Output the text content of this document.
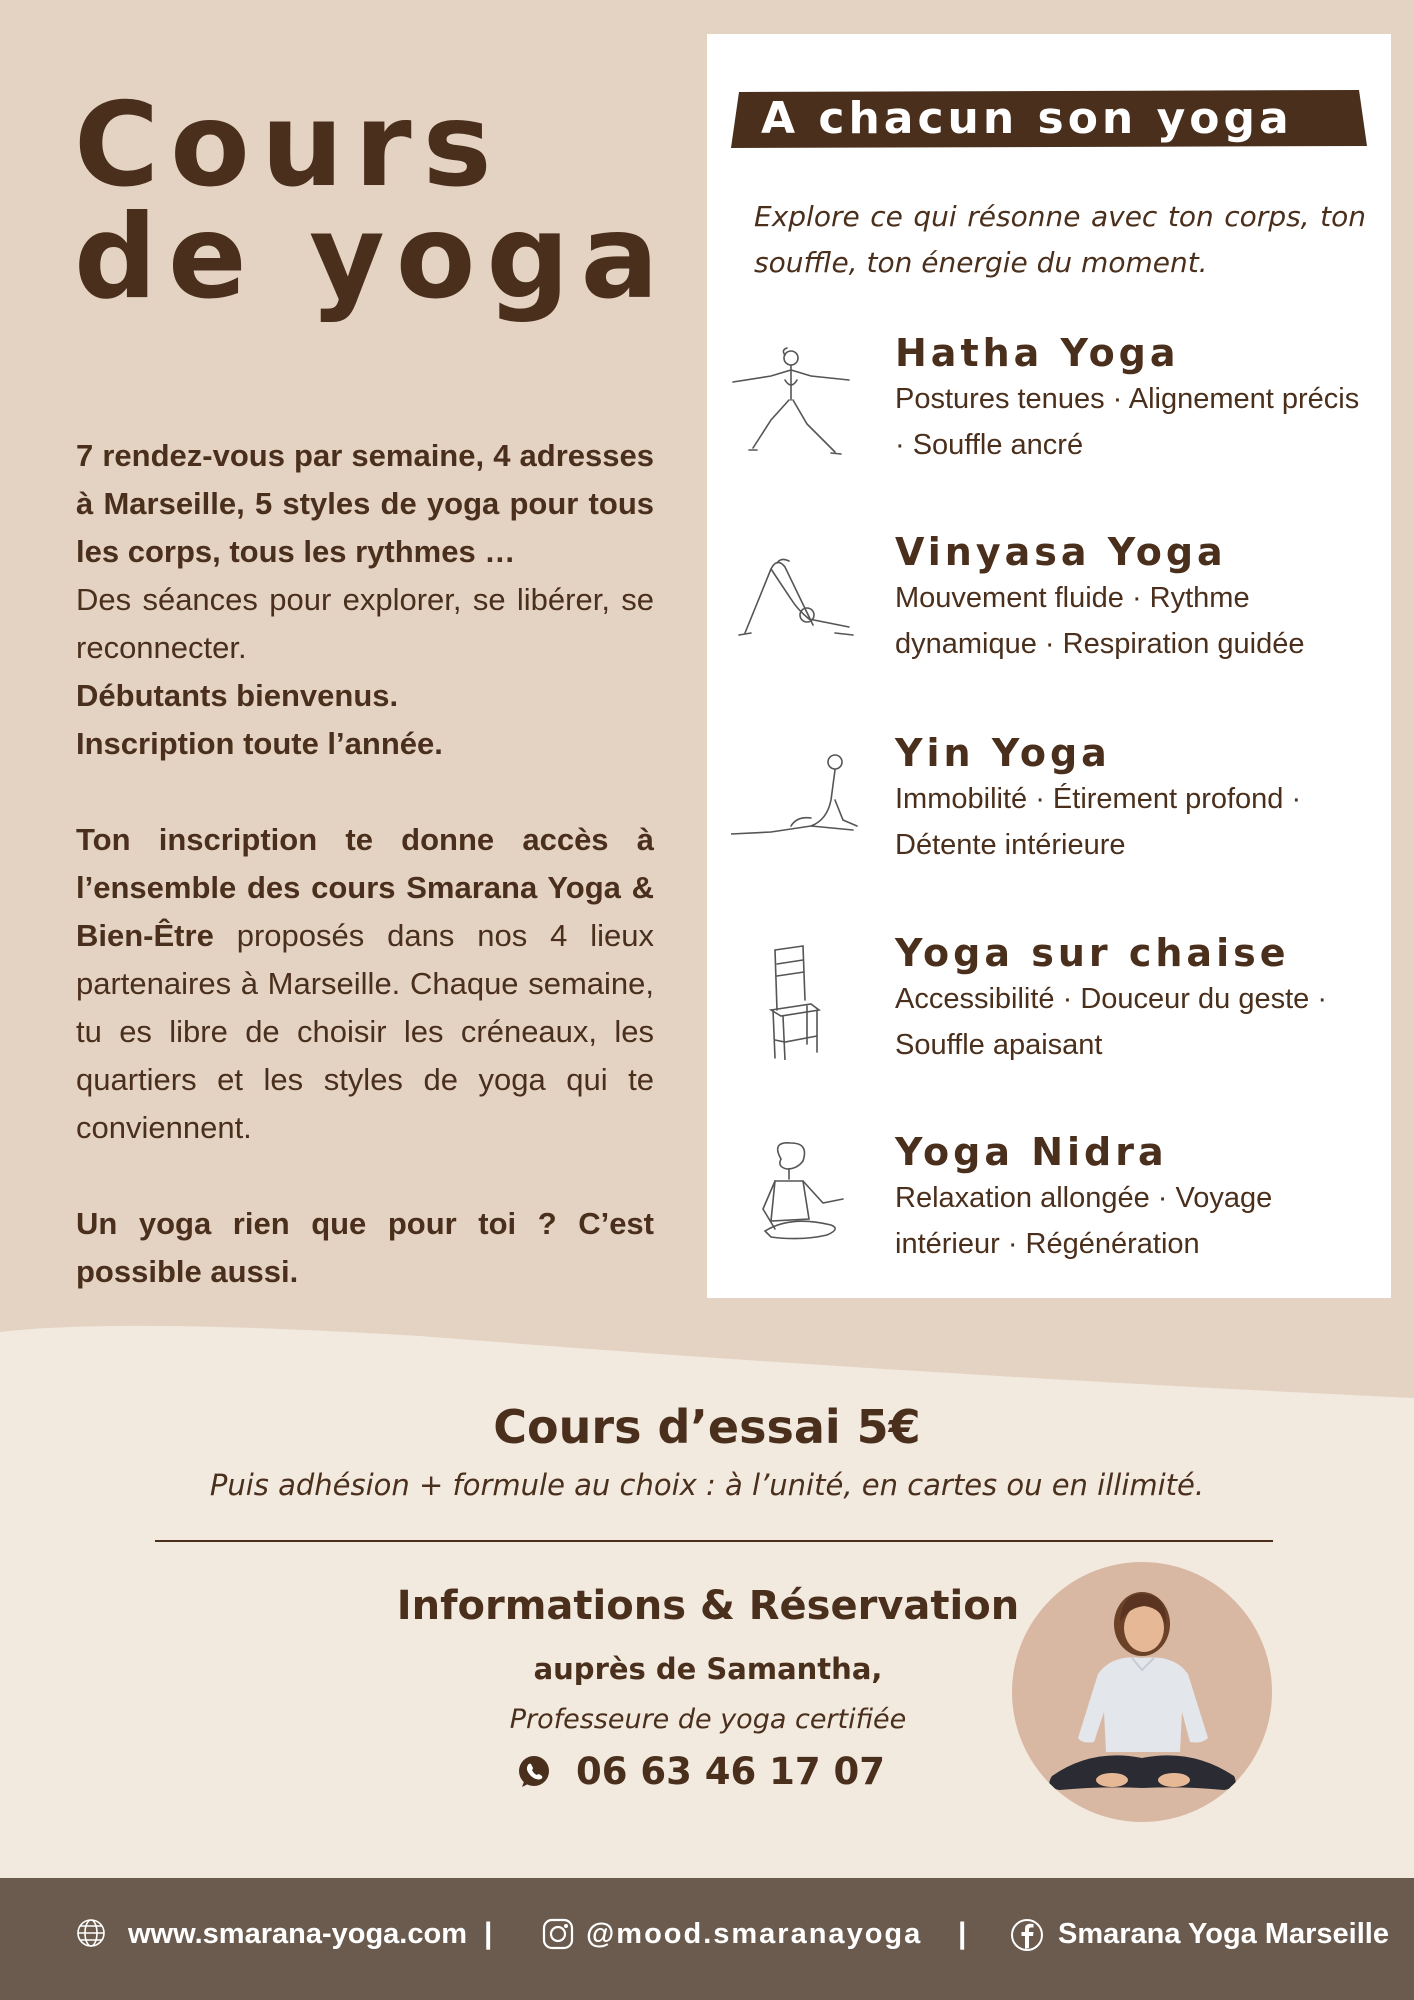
Cours
de yoga

7 rendez-vous par semaine, 4 adresses à Marseille, 5 styles de yoga pour tous les corps, tous les rythmes …
Des séances pour explorer, se libérer, se reconnecter.
Débutants bienvenus.
Inscription toute l’année.

Ton inscription te donne accès à l’ensemble des cours Smarana Yoga & Bien-Être proposés dans nos 4 lieux partenaires à Marseille. Chaque semaine, tu es libre de choisir les créneaux, les quartiers et les styles de yoga qui te conviennent.

Un yoga rien que pour toi ? C’est possible aussi.

A chacun son yoga
Explore ce qui résonne avec ton corps, ton souffle, ton énergie du moment.
Hatha Yoga
Postures tenues · Alignement précis · Souffle ancré
Vinyasa Yoga
Mouvement fluide · Rythme dynamique · Respiration guidée
Yin Yoga
Immobilité · Étirement profond · Détente intérieure
Yoga sur chaise
Accessibilité · Douceur du geste · Souffle apaisant
Yoga Nidra
Relaxation allongée · Voyage intérieur · Régénération
Cours d’essai 5€
Puis adhésion + formule au choix : à l’unité, en cartes ou en illimité.
Informations & Réservation
auprès de Samantha,
Professeure de yoga certifiée
06 63 46 17 07
www.smarana-yoga.com |	@mood.smaranayoga |	Smarana Yoga Marseille
